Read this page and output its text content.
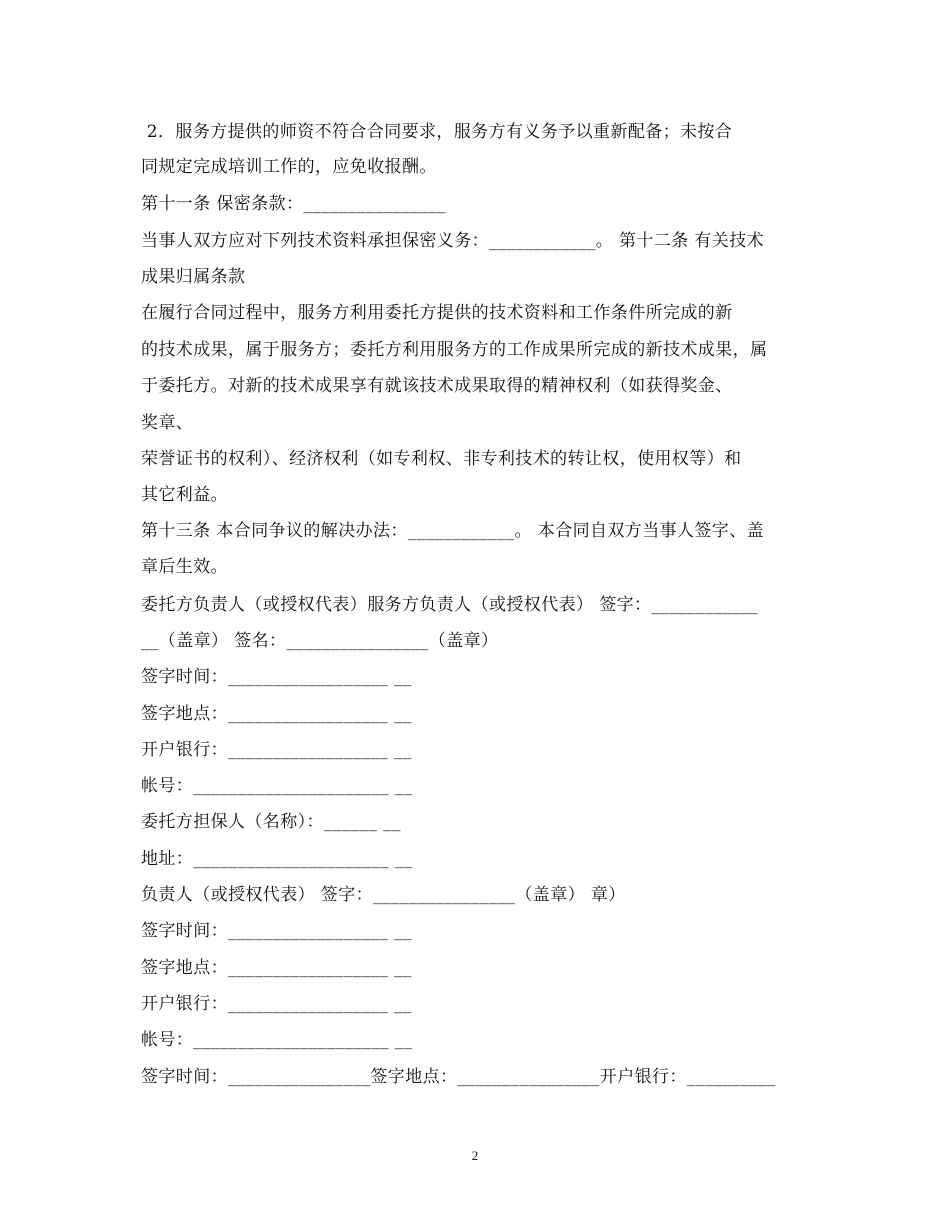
2．服务方提供的师资不符合合同要求，服务方有义务予以重新配备；未按合
同规定完成培训工作的，应免收报酬。
第十一条 保密条款：________________
当事人双方应对下列技术资料承担保密义务：____________。 第十二条 有关技术
成果归属条款
在履行合同过程中，服务方利用委托方提供的技术资料和工作条件所完成的新
的技术成果，属于服务方；委托方利用服务方的工作成果所完成的新技术成果，属
于委托方。对新的技术成果享有就该技术成果取得的精神权利（如获得奖金、
奖章、
荣誉证书的权利）、经济权利（如专利权、非专利技术的转让权，使用权等）和
其它利益。
第十三条 本合同争议的解决办法：____________。 本合同自双方当事人签字、盖
章后生效。
委托方负责人（或授权代表）服务方负责人（或授权代表） 签字：____________
__（盖章） 签名：________________（盖章）
签字时间：__________________ __
签字地点：__________________ __
开户银行：__________________ __
帐号：______________________ __
委托方担保人（名称）：______ __
地址：______________________ __
负责人（或授权代表） 签字：________________（盖章） 章）
签字时间：__________________ __
签字地点：__________________ __
开户银行：__________________ __
帐号：______________________ __
签字时间：________________签字地点：________________开户银行：__________
2
